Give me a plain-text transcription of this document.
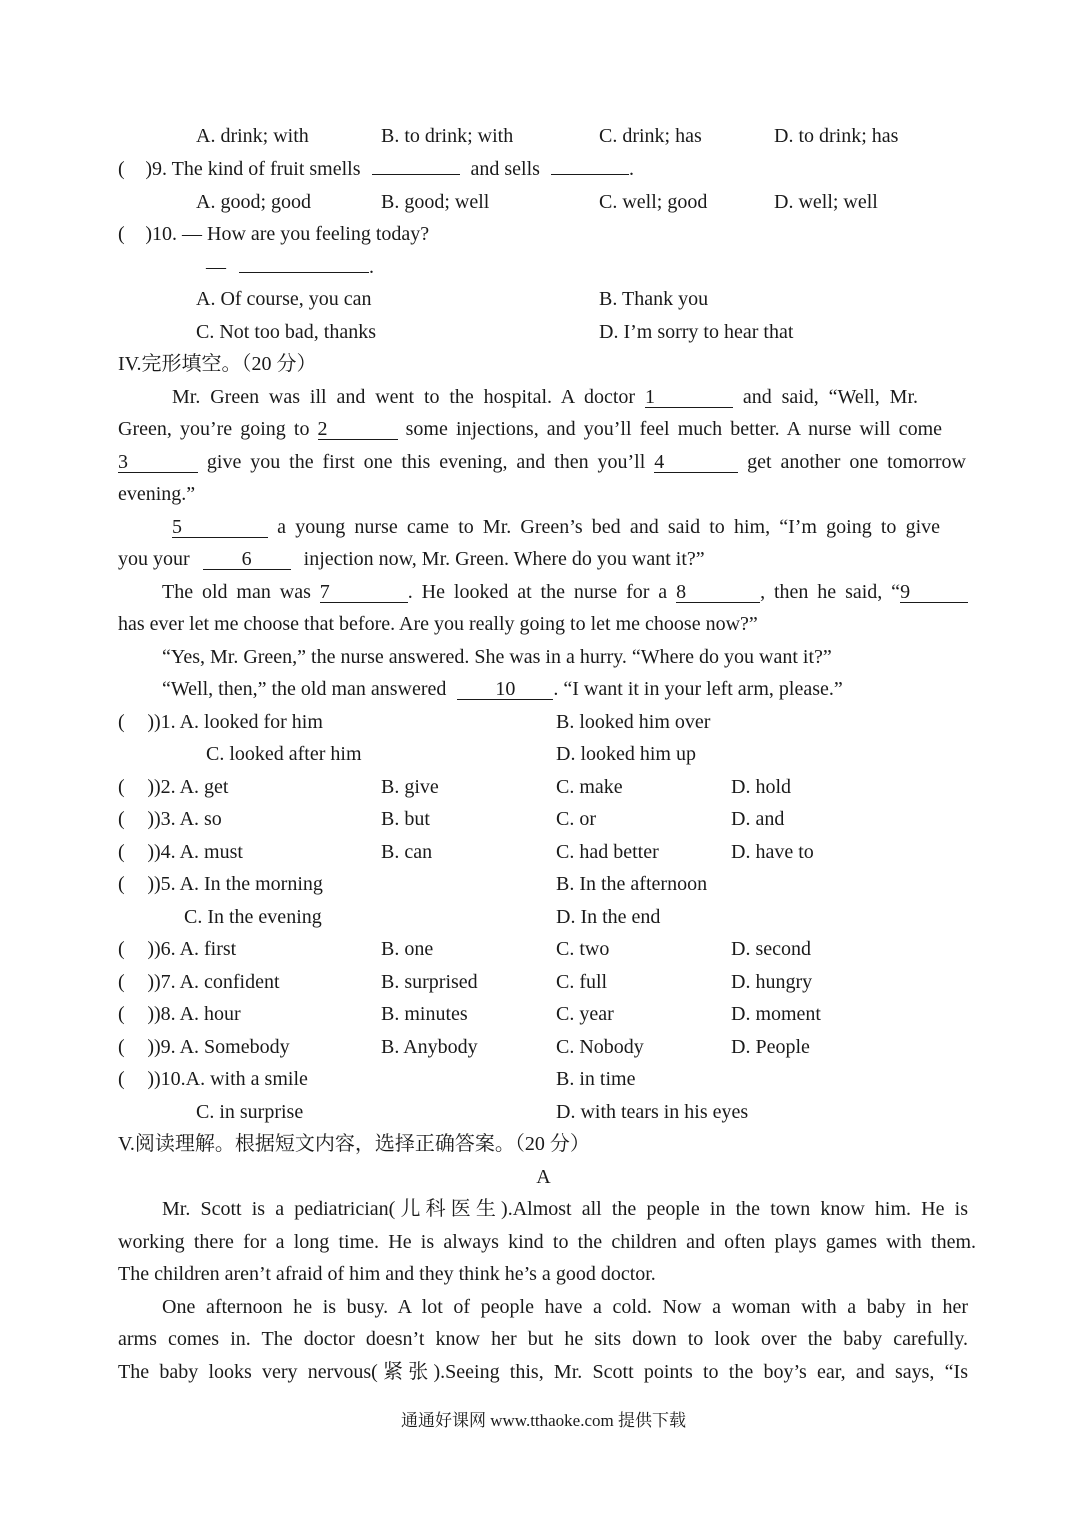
A. drink; with	B. to drink; with	C. drink; has	D. to drink; has
( )9. The kind of fruit smells	and sells	.
A. good; good	B. good; well	C. well; good	D. well; well
( )10. — How are you feeling today?
—	.
A. Of course, you can	B. Thank you
C. Not too bad, thanks	D. I’m sorry to hear that
IV.完形填空。（20 分）
Mr. Green was ill and went to the hospital. A doctor 1	and said, “Well, Mr.
Green, you’re going to 2	some injections, and you’ll feel much better. A nurse will come
3	give you the first one this evening, and then you’ll 4	get another one tomorrow
evening.”
5	a young nurse came to Mr. Green’s bed and said to him, “I’m going to give
you your	6	injection now, Mr. Green. Where do you want it?”
The old man was 7	. He looked at the nurse for a 8	, then he said, “9
has ever let me choose that before. Are you really going to let me choose now?”
“Yes, Mr. Green,” the nurse answered. She was in a hurry. “Where do you want it?”
“Well, then,” the old man answered 10 . “I want it in your left arm, please.”
( ))1. A. looked for him	B. looked him over
C. looked after him	D. looked him up
( ))2. A. get	B. give	C. make	D. hold
( ))3. A. so	B. but	C. or	D. and
( ))4. A. must	B. can	C. had better	D. have to
( ))5. A. In the morning	B. In the afternoon
C. In the evening	D. In the end
( ))6. A. first	B. one	C. two	D. second
( ))7. A. confident	B. surprised	C. full	D. hungry
( ))8. A. hour	B. minutes	C. year	D. moment
( ))9. A. Somebody	B. Anybody	C. Nobody	D. People
( ))10.A. with a smile	B. in time
C. in surprise	D. with tears in his eyes
V.阅读理解。根据短文内容，选择正确答案。（20 分）
A
Mr. Scott is a pediatrician(儿科医生).Almost all the people in the town know him. He is
working there for a long time. He is always kind to the children and often plays games with them.
The children aren’t afraid of him and they think he’s a good doctor.
One afternoon he is busy. A lot of people have a cold. Now a woman with a baby in her
arms comes in. The doctor doesn’t know her but he sits down to look over the baby carefully.
The baby looks very nervous(紧张).Seeing this, Mr. Scott points to the boy’s ear, and says, “Is
通通好课网 www.tthaoke.com 提供下载
